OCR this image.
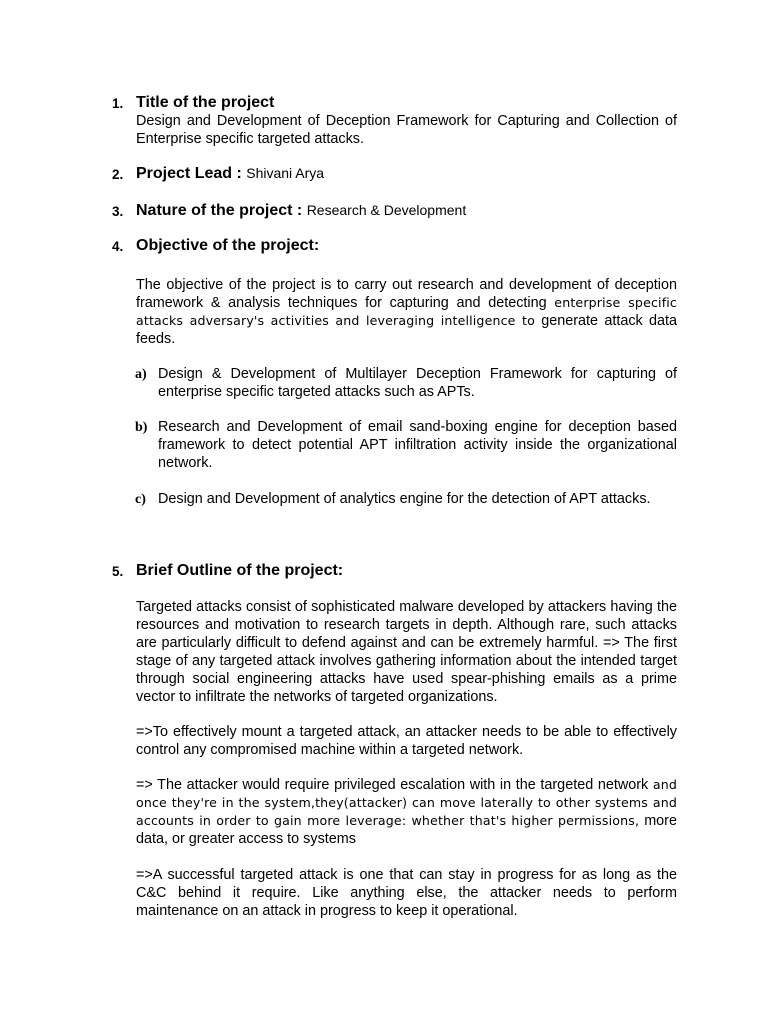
1. Title of the project

Design and Development of Deception Framework for Capturing and Collection of Enterprise specific targeted attacks.

2. Project Lead : Shivani Arya
3. Nature of the project : Research & Development
4. Objective of the project:

The objective of the project is to carry out research and development of deception framework & analysis techniques for capturing and detecting enterprise specific attacks adversary's activities and leveraging intelligence to generate attack data feeds.

a) Design & Development of Multilayer Deception Framework for capturing of enterprise specific targeted attacks such as APTs.

b) Research and Development of email sand-boxing engine for deception based framework to detect potential APT infiltration activity inside the organizational network.

c) Design and Development of analytics engine for the detection of APT attacks.

5. Brief Outline of the project:

Targeted attacks consist of sophisticated malware developed by attackers having the resources and motivation to research targets in depth. Although rare, such attacks are particularly difficult to defend against and can be extremely harmful. => The first stage of any targeted attack involves gathering information about the intended target through social engineering attacks have used spear-phishing emails as a prime vector to infiltrate the networks of targeted organizations.

=>To effectively mount a targeted attack, an attacker needs to be able to effectively control any compromised machine within a targeted network.

=> The attacker would require privileged escalation with in the targeted network and once they're in the system,they(attacker) can move laterally to other systems and accounts in order to gain more leverage: whether that's higher permissions, more data, or greater access to systems

=>A successful targeted attack is one that can stay in progress for as long as the C&C behind it require. Like anything else, the attacker needs to perform maintenance on an attack in progress to keep it operational.
